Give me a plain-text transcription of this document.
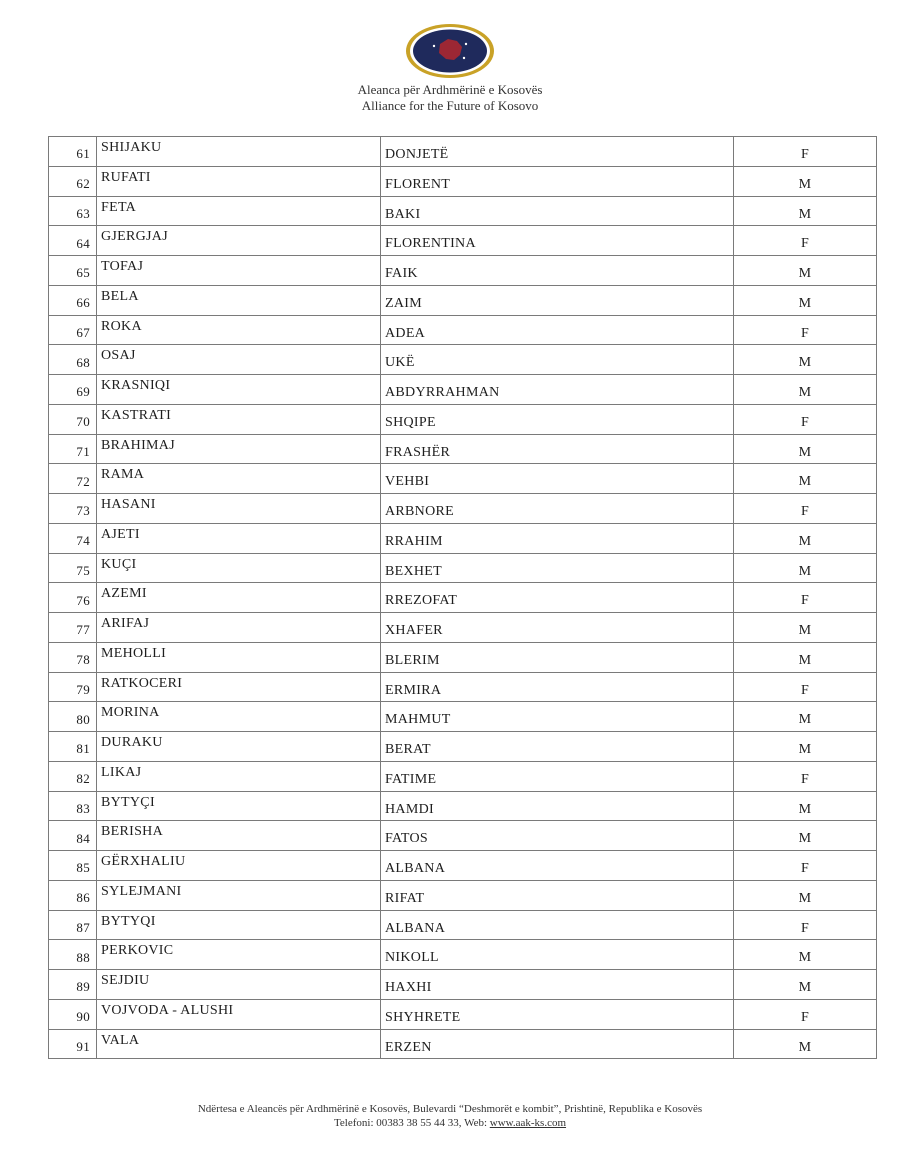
Aleanca për Ardhmërinë e Kosovës
Alliance for the Future of Kosovo
61	SHIJAKU	DONJETË	F
62	RUFATI	FLORENT	M
63	FETA	BAKI	M
64	GJERGJAJ	FLORENTINA	F
65	TOFAJ	FAIK	M
66	BELA	ZAIM	M
67	ROKA	ADEA	F
68	OSAJ	UKË	M
69	KRASNIQI	ABDYRRAHMAN	M
70	KASTRATI	SHQIPE	F
71	BRAHIMAJ	FRASHËR	M
72	RAMA	VEHBI	M
73	HASANI	ARBNORE	F
74	AJETI	RRAHIM	M
75	KUÇI	BEXHET	M
76	AZEMI	RREZOFAT	F
77	ARIFAJ	XHAFER	M
78	MEHOLLI	BLERIM	M
79	RATKOCERI	ERMIRA	F
80	MORINA	MAHMUT	M
81	DURAKU	BERAT	M
82	LIKAJ	FATIME	F
83	BYTYÇI	HAMDI	M
84	BERISHA	FATOS	M
85	GËRXHALIU	ALBANA	F
86	SYLEJMANI	RIFAT	M
87	BYTYQI	ALBANA	F
88	PERKOVIC	NIKOLL	M
89	SEJDIU	HAXHI	M
90	VOJVODA - ALUSHI	SHYHRETE	F
91	VALA	ERZEN	M
Ndërtesa e Aleancës për Ardhmërinë e Kosovës, Bulevardi “Deshmorët e kombit”, Prishtinë, Republika e Kosovës
Telefoni: 00383 38 55 44 33, Web: www.aak-ks.com
